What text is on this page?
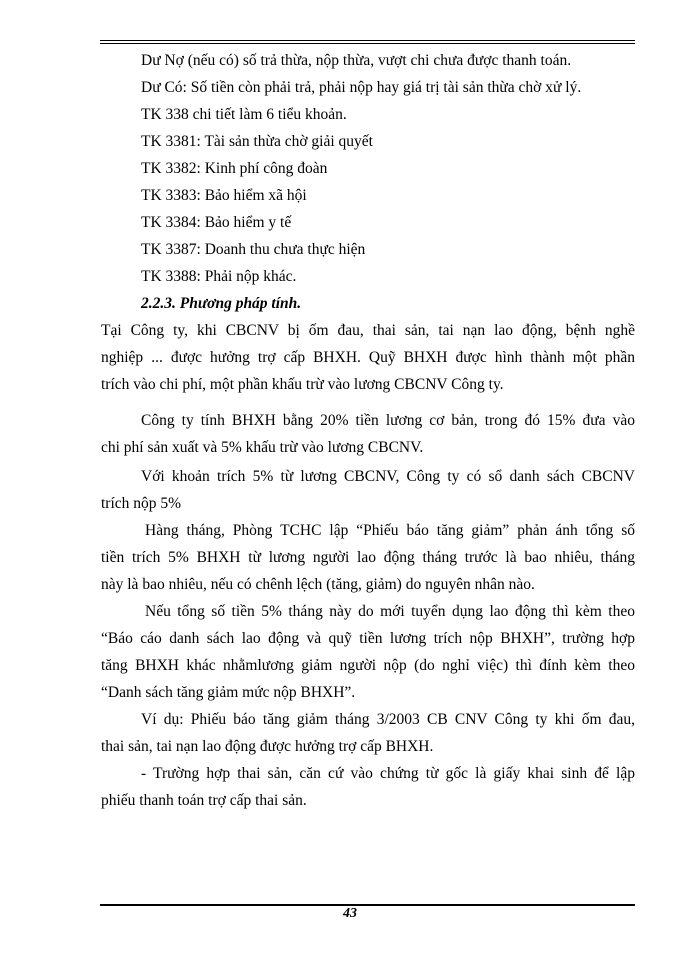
Dư Nợ (nếu có) số trả thừa, nộp thừa, vượt chi chưa được thanh toán.
Dư Có: Số tiền còn phải trả, phải nộp hay giá trị tài sản thừa chờ xử lý.
TK 338 chi tiết làm 6 tiểu khoản.
TK 3381: Tài sản thừa chờ giải quyết
TK 3382: Kinh phí công đoàn
TK 3383: Bảo hiểm xã hội
TK 3384: Bảo hiểm y tế
TK 3387: Doanh thu chưa thực hiện
TK 3388: Phải nộp khác.
2.2.3. Phương pháp tính.
Tại Công ty, khi CBCNV bị ốm đau, thai sản, tai nạn lao động, bệnh nghề
nghiệp ... được hưởng trợ cấp BHXH. Quỹ BHXH được hình thành một phần
trích vào chi phí, một phần khấu trừ vào lương CBCNV Công ty.
Công ty tính BHXH bằng 20% tiền lương cơ bản, trong đó 15% đưa vào
chi phí sản xuất và 5% khấu trừ vào lương CBCNV.
Với khoản trích 5% từ lương CBCNV, Công ty có sổ danh sách CBCNV
trích nộp 5%
Hàng tháng, Phòng TCHC lập “Phiếu báo tăng giảm” phản ánh tổng số
tiền trích 5% BHXH từ lương người lao động tháng trước là bao nhiêu, tháng
này là bao nhiêu, nếu có chênh lệch (tăng, giảm) do nguyên nhân nào.
Nếu tổng số tiền 5% tháng này do mới tuyển dụng lao động thì kèm theo
“Báo cáo danh sách lao động và quỹ tiền lương trích nộp BHXH”, trường hợp
tăng BHXH khác nhằmlương giảm người nộp (do nghỉ việc) thì đính kèm theo
“Danh sách tăng giảm mức nộp BHXH”.
Ví dụ: Phiếu báo tăng giảm tháng 3/2003 CB CNV Công ty khi ốm đau,
thai sản, tai nạn lao động được hưởng trợ cấp BHXH.
- Trường hợp thai sản, căn cứ vào chứng từ gốc là giấy khai sinh để lập
phiếu thanh toán trợ cấp thai sản.
43
